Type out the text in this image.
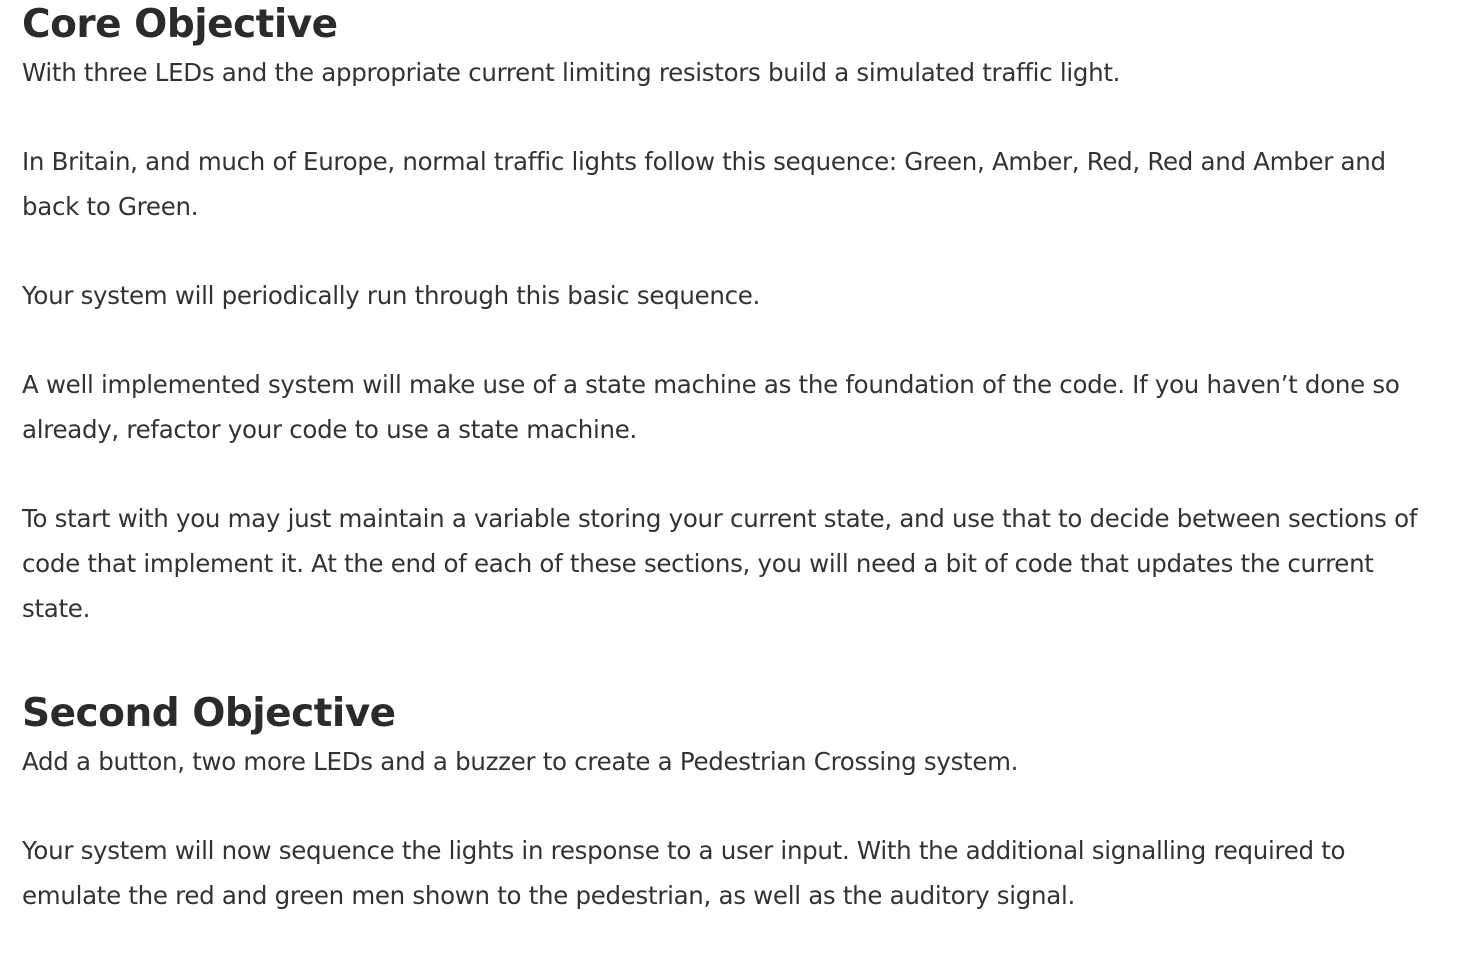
Core Objective

With three LEDs and the appropriate current limiting resistors build a simulated traffic light.

In Britain, and much of Europe, normal traffic lights follow this sequence: Green, Amber, Red, Red and Amber and back to Green.

Your system will periodically run through this basic sequence.

A well implemented system will make use of a state machine as the foundation of the code. If you haven’t done so already, refactor your code to use a state machine.

To start with you may just maintain a variable storing your current state, and use that to decide between sections of code that implement it. At the end of each of these sections, you will need a bit of code that updates the current state.

Second Objective

Add a button, two more LEDs and a buzzer to create a Pedestrian Crossing system.

Your system will now sequence the lights in response to a user input. With the additional signalling required to emulate the red and green men shown to the pedestrian, as well as the auditory signal.
